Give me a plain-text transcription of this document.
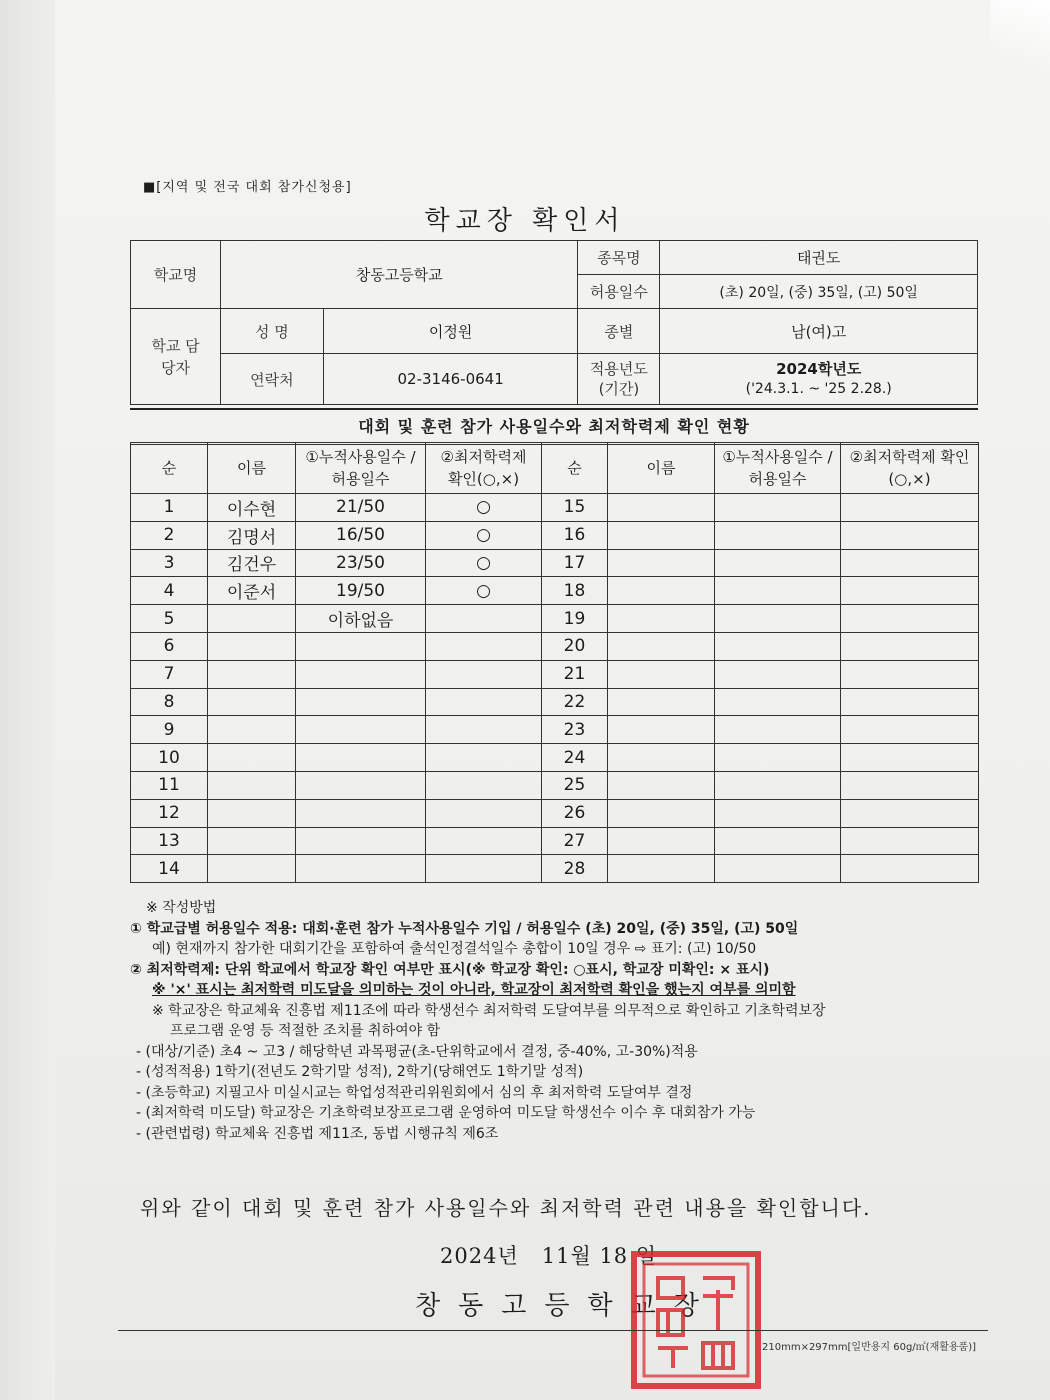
■[지역 및 전국 대회 참가신청용]
학교장 확인서
학교명	창동고등학교		종목명	태권도
			허용일수	(초) 20일, (중) 35일, (고) 50일
학교 담당자	성 명	이정원	종별	남(여)고
	연락처	02-3146-0641	적용년도 (기간)	2024학년도
('24.3.1. ~ '25 2.28.)
대회 및 훈련 참가 사용일수와 최저학력제 확인 현황
순	이름	①누적사용일수 /허용일수	②최저학력제 확인(○,×)	순	이름	①누적사용일수 /허용일수	②최저학력제 확인(○,×)
1	이수현	21/50	○	15			
2	김명서	16/50	○	16			
3	김건우	23/50	○	17			
4	이준서	19/50	○	18			
5		이하없음		19			
6				20			
7				21			
8				22			
9				23			
10				24			
11				25			
12				26			
13				27			
14				28			
※ 작성방법
① 학교급별 허용일수 적용: 대회·훈련 참가 누적사용일수 기입 / 허용일수 (초) 20일, (중) 35일, (고) 50일
예) 현재까지 참가한 대회기간을 포함하여 출석인정결석일수 총합이 10일 경우 ⇨ 표기: (고) 10/50
② 최저학력제: 단위 학교에서 학교장 확인 여부만 표시(※ 학교장 확인: ○표시, 학교장 미확인: × 표시)
※ '×' 표시는 최저학력 미도달을 의미하는 것이 아니라, 학교장이 최저학력 확인을 했는지 여부를 의미함
※ 학교장은 학교체육 진흥법 제11조에 따라 학생선수 최저학력 도달여부를 의무적으로 확인하고 기초학력보장
프로그램 운영 등 적절한 조치를 취하여야 함
- (대상/기준) 초4 ~ 고3 / 해당학년 과목평균(초-단위학교에서 결정, 중-40%, 고-30%)적용
- (성적적용) 1학기(전년도 2학기말 성적), 2학기(당해연도 1학기말 성적)
- (초등학교) 지필고사 미실시교는 학업성적관리위원회에서 심의 후 최저학력 도달여부 결정
- (최저학력 미도달) 학교장은 기초학력보장프로그램 운영하여 미도달 학생선수 이수 후 대회참가 가능
- (관련법령) 학교체육 진흥법 제11조, 동법 시행규칙 제6조
위와 같이 대회 및 훈련 참가 사용일수와 최저학력 관련 내용을 확인합니다.
2024년   11월 18 일
창동고등학교장
210mm×297mm[일반용지 60g/㎡(재활용품)]
